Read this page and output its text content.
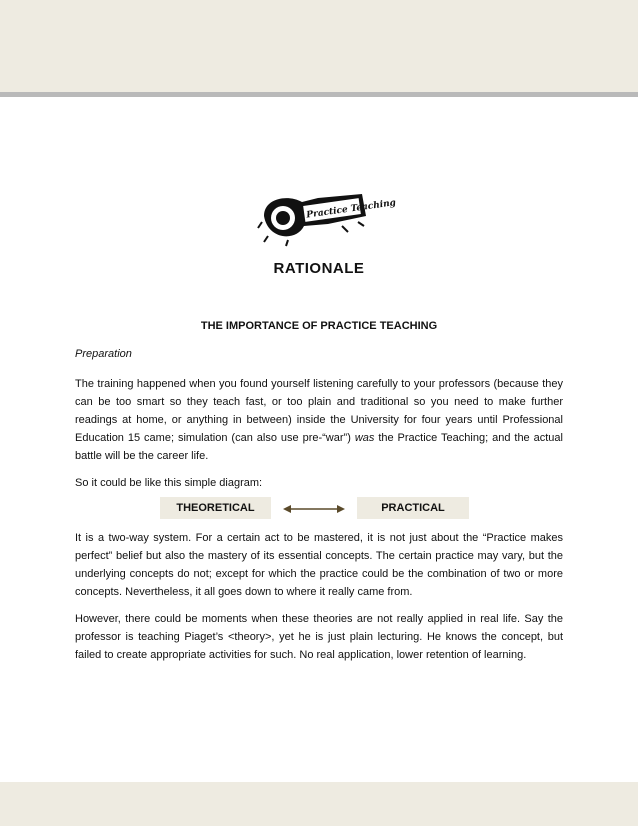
Practice Teaching
RATIONALE
THE IMPORTANCE OF PRACTICE TEACHING
Preparation

The training happened when you found yourself listening carefully to your professors (because they can be too smart so they teach fast, or too plain and traditional so you need to make further readings at home, or anything in between) inside the University for four years until Professional Education 15 came; simulation (can also use pre-“war”) was the Practice Teaching; and the actual battle will be the career life.

So it could be like this simple diagram:

THEORETICAL	PRACTICAL

It is a two-way system. For a certain act to be mastered, it is not just about the “Practice makes perfect” belief but also the mastery of its essential concepts. The certain practice may vary, but the underlying concepts do not; except for which the practice could be the combination of two or more concepts. Nevertheless, it all goes down to where it really came from.

However, there could be moments when these theories are not really applied in real life. Say the professor is teaching Piaget’s <theory>, yet he is just plain lecturing. He knows the concept, but failed to create appropriate activities for such. No real application, lower retention of learning.
